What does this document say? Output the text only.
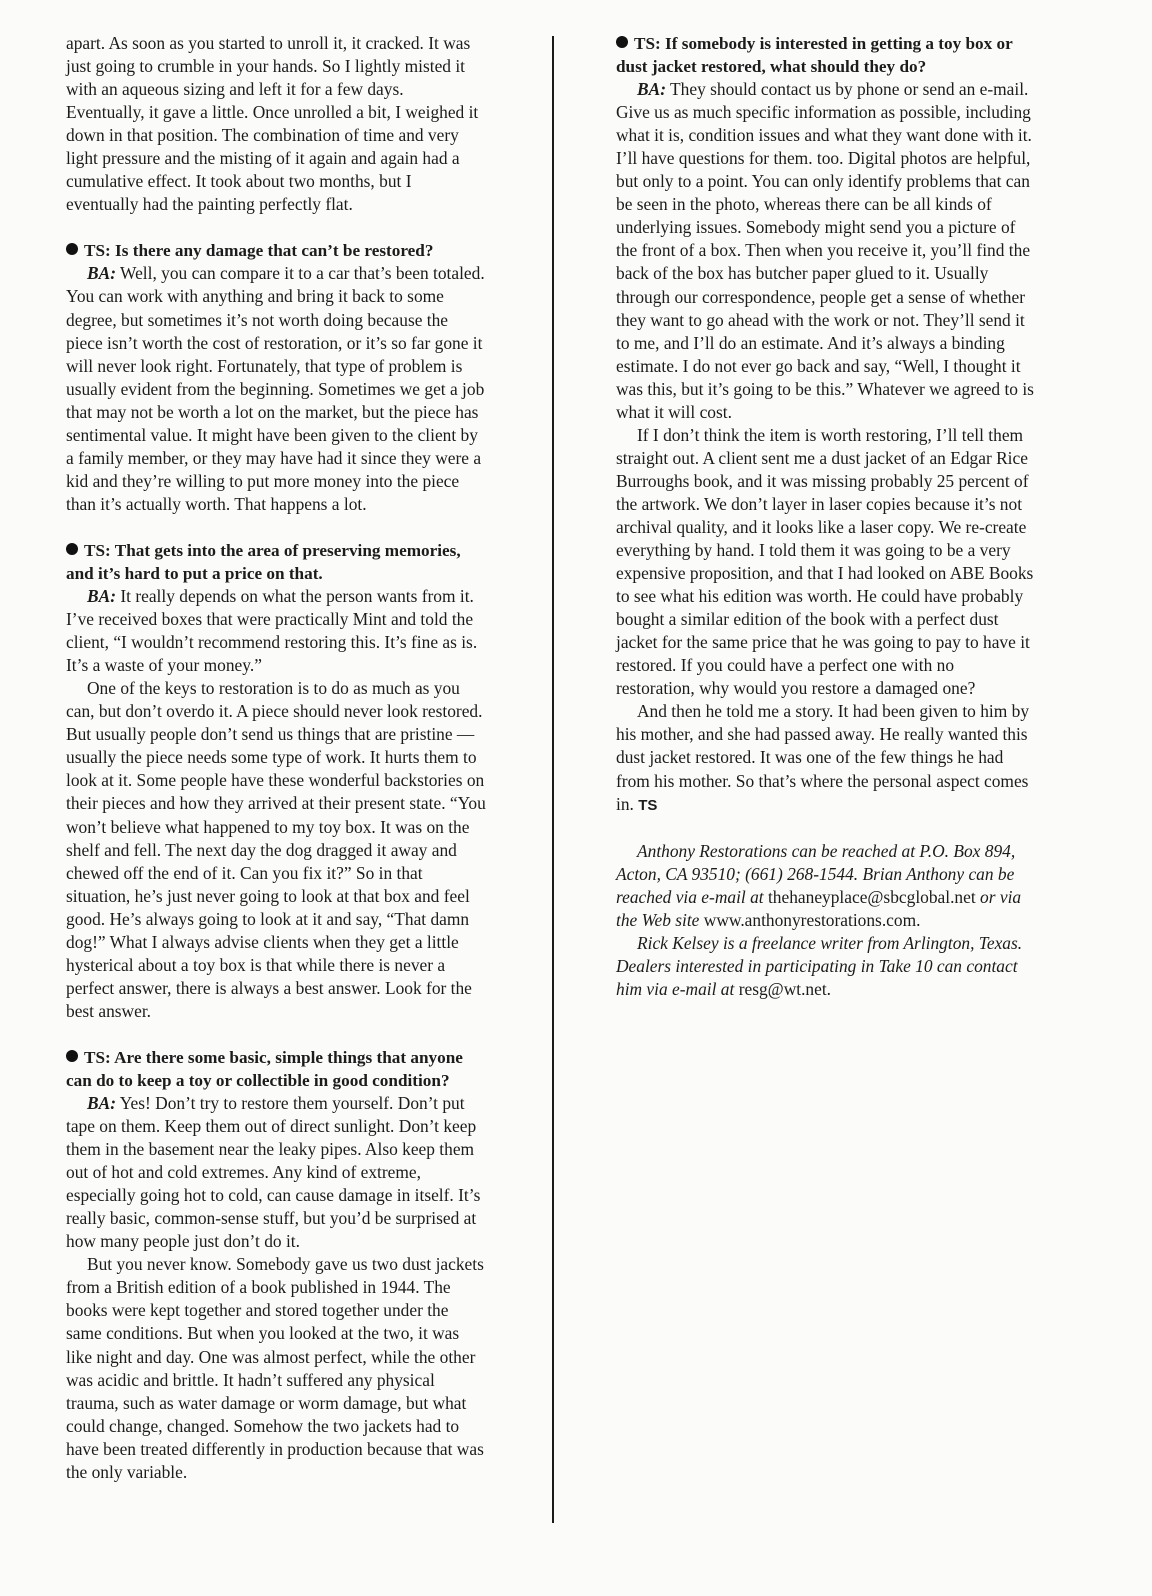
apart. As soon as you started to unroll it, it cracked. It was just going to crumble in your hands. So I lightly misted it with an aqueous sizing and left it for a few days. Eventually, it gave a little. Once unrolled a bit, I weighed it down in that position. The combination of time and very light pressure and the misting of it again and again had a cumulative effect. It took about two months, but I eventually had the painting perfectly flat.

TS: Is there any damage that can’t be restored?

BA: Well, you can compare it to a car that’s been totaled. You can work with anything and bring it back to some degree, but sometimes it’s not worth doing because the piece isn’t worth the cost of restoration, or it’s so far gone it will never look right. Fortunately, that type of problem is usually evident from the beginning. Sometimes we get a job that may not be worth a lot on the market, but the piece has sentimental value. It might have been given to the client by a family member, or they may have had it since they were a kid and they’re willing to put more money into the piece than it’s actually worth. That happens a lot.

TS: That gets into the area of preserving memories, and it’s hard to put a price on that.

BA: It really depends on what the person wants from it. I’ve received boxes that were practically Mint and told the client, “I wouldn’t recommend restoring this. It’s fine as is. It’s a waste of your money.”

One of the keys to restoration is to do as much as you can, but don’t overdo it. A piece should never look restored. But usually people don’t send us things that are pristine — usually the piece needs some type of work. It hurts them to look at it. Some people have these wonderful backstories on their pieces and how they arrived at their present state. “You won’t believe what happened to my toy box. It was on the shelf and fell. The next day the dog dragged it away and chewed off the end of it. Can you fix it?” So in that situation, he’s just never going to look at that box and feel good. He’s always going to look at it and say, “That damn dog!” What I always advise clients when they get a little hysterical about a toy box is that while there is never a perfect answer, there is always a best answer. Look for the best answer.

TS: Are there some basic, simple things that anyone can do to keep a toy or collectible in good condition?

BA: Yes! Don’t try to restore them yourself. Don’t put tape on them. Keep them out of direct sunlight. Don’t keep them in the basement near the leaky pipes. Also keep them out of hot and cold extremes. Any kind of extreme, especially going hot to cold, can cause damage in itself. It’s really basic, common-sense stuff, but you’d be surprised at how many people just don’t do it.

But you never know. Somebody gave us two dust jackets from a British edition of a book published in 1944. The books were kept together and stored together under the same conditions. But when you looked at the two, it was like night and day. One was almost perfect, while the other was acidic and brittle. It hadn’t suffered any physical trauma, such as water damage or worm damage, but what could change, changed. Somehow the two jackets had to have been treated differently in production because that was the only variable.

TS: If somebody is interested in getting a toy box or dust jacket restored, what should they do?

BA: They should contact us by phone or send an e-mail. Give us as much specific information as possible, including what it is, condition issues and what they want done with it. I’ll have questions for them. too. Digital photos are helpful, but only to a point. You can only identify problems that can be seen in the photo, whereas there can be all kinds of underlying issues. Somebody might send you a picture of the front of a box. Then when you receive it, you’ll find the back of the box has butcher paper glued to it. Usually through our correspondence, people get a sense of whether they want to go ahead with the work or not. They’ll send it to me, and I’ll do an estimate. And it’s always a binding estimate. I do not ever go back and say, “Well, I thought it was this, but it’s going to be this.” Whatever we agreed to is what it will cost.

If I don’t think the item is worth restoring, I’ll tell them straight out. A client sent me a dust jacket of an Edgar Rice Burroughs book, and it was missing probably 25 percent of the artwork. We don’t layer in laser copies because it’s not archival quality, and it looks like a laser copy. We re-create everything by hand. I told them it was going to be a very expensive proposition, and that I had looked on ABE Books to see what his edition was worth. He could have probably bought a similar edition of the book with a perfect dust jacket for the same price that he was going to pay to have it restored. If you could have a perfect one with no restoration, why would you restore a damaged one?

And then he told me a story. It had been given to him by his mother, and she had passed away. He really wanted this dust jacket restored. It was one of the few things he had from his mother. So that’s where the personal aspect comes in. TS

Anthony Restorations can be reached at P.O. Box 894, Acton, CA 93510; (661) 268-1544. Brian Anthony can be reached via e-mail at thehaneyplace@sbcglobal.net or via the Web site www.anthonyrestorations.com.

Rick Kelsey is a freelance writer from Arlington, Texas. Dealers interested in participating in Take 10 can contact him via e-mail at resg@wt.net.
